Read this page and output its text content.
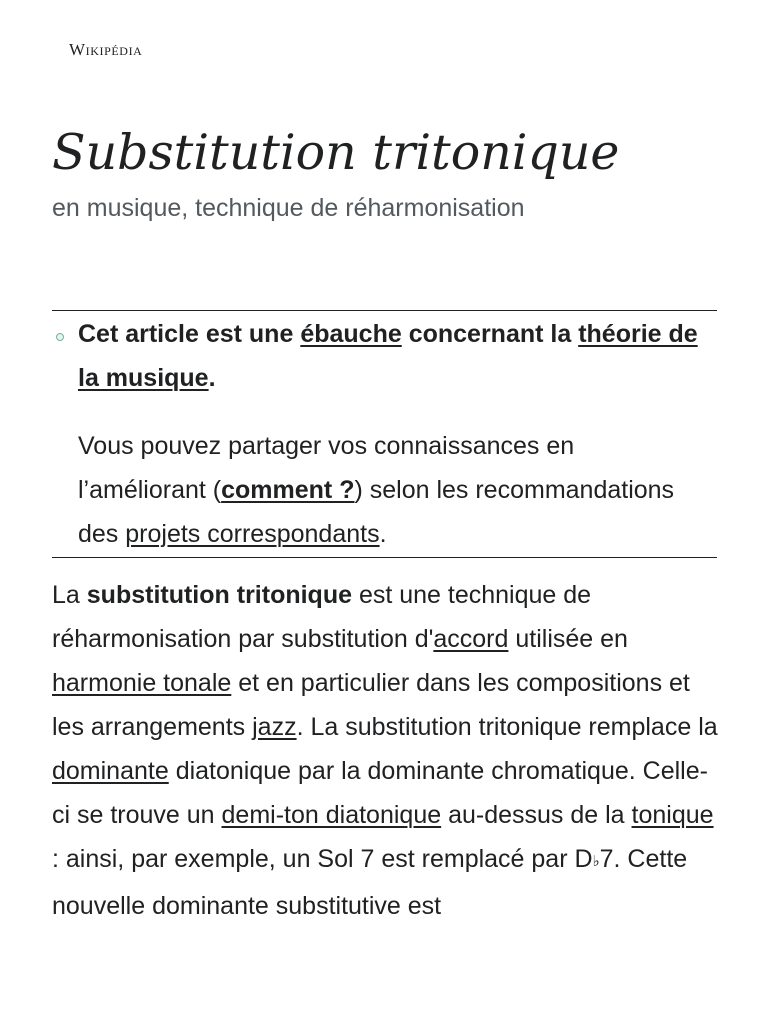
Wikipédia
Substitution tritonique

en musique, technique de réharmonisation

Cet article est une ébauche concernant la théorie de la musique.

Vous pouvez partager vos connaissances en l’améliorant (comment ?) selon les recommandations des projets correspondants.

La substitution tritonique est une technique de réharmonisation par substitution d'accord utilisée en harmonie tonale et en particulier dans les compositions et les arrangements jazz. La substitution tritonique remplace la dominante diatonique par la dominante chromatique. Celle-ci se trouve un demi-ton diatonique au-dessus de la tonique : ainsi, par exemple, un Sol 7 est remplacé par D♭7. Cette nouvelle dominante substitutive est
